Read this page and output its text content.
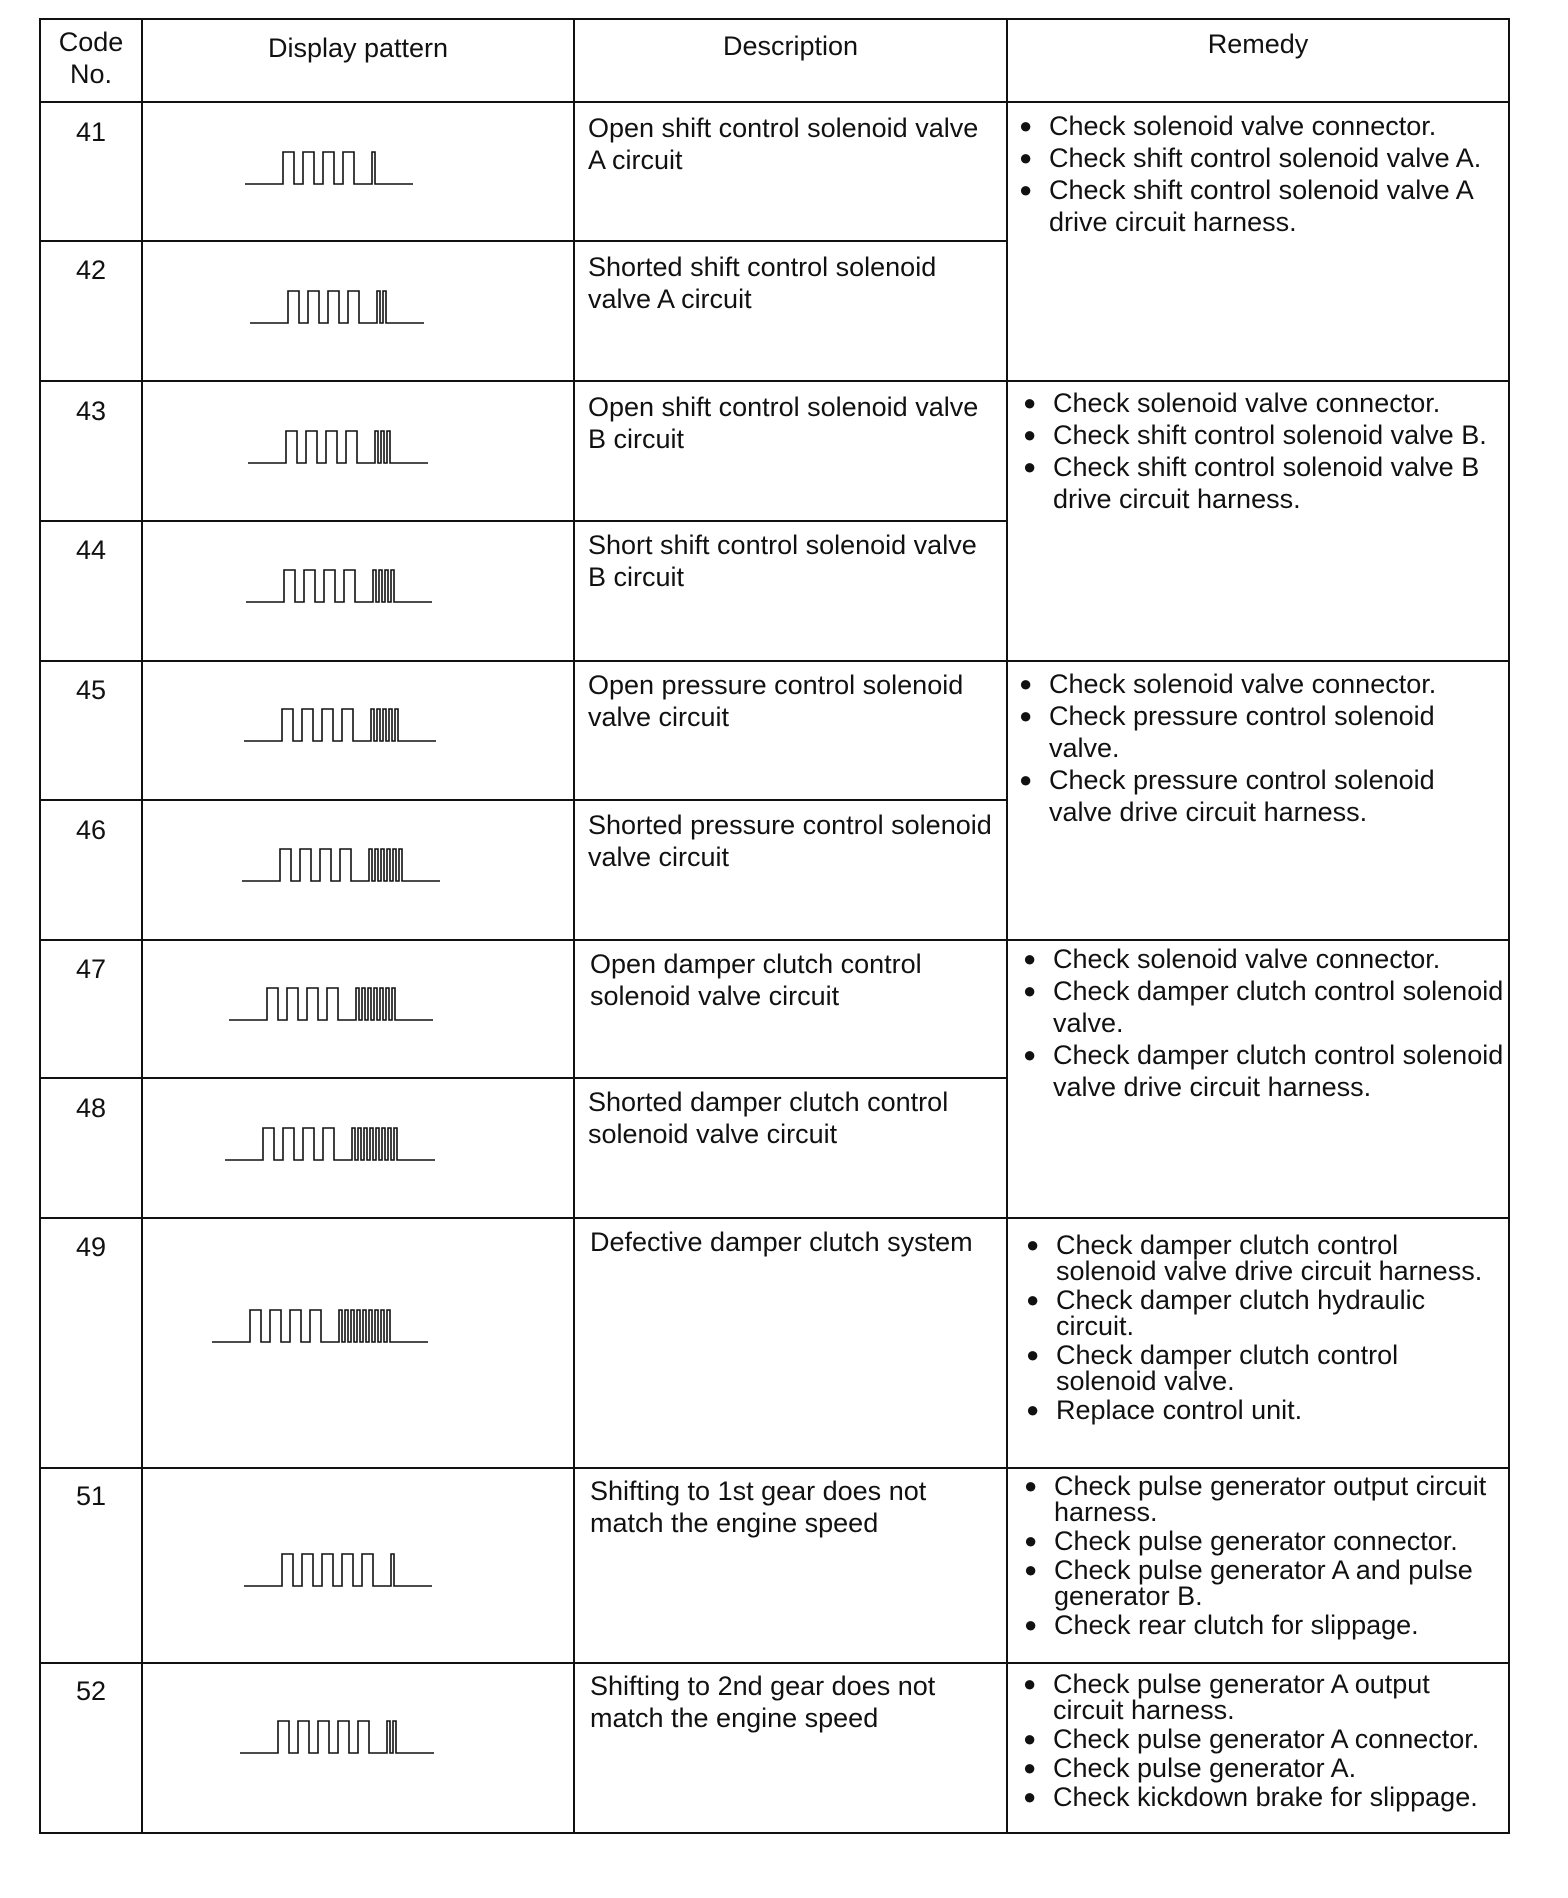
Code
No.
Display pattern	Description	Remedy
41
42
43
44
45
46
47
48
49
51
52
Open shift control solenoid valve A circuit
Shorted shift control solenoid valve A circuit
Open shift control solenoid valve B circuit
Short shift control solenoid valve B circuit
Open pressure control solenoid valve circuit
Shorted pressure control solenoid valve circuit
Open damper clutch control solenoid valve circuit
Shorted damper clutch control solenoid valve circuit
Defective damper clutch system
Shifting to 1st gear does not match the engine speed
Shifting to 2nd gear does not match the engine speed
● Check solenoid valve connector.
● Check shift control solenoid valve A.
● Check shift control solenoid valve A drive circuit harness.
● Check solenoid valve connector.
● Check shift control solenoid valve B.
● Check shift control solenoid valve B drive circuit harness.
● Check solenoid valve connector.
● Check pressure control solenoid valve.
● Check pressure control solenoid valve drive circuit harness.
● Check solenoid valve connector.
● Check damper clutch control solenoid valve.
● Check damper clutch control solenoid valve drive circuit harness.
● Check damper clutch control solenoid valve drive circuit harness.
● Check damper clutch hydraulic circuit.
● Check damper clutch control solenoid valve.
● Replace control unit.
● Check pulse generator output circuit harness.
● Check pulse generator connector.
● Check pulse generator A and pulse generator B.
● Check rear clutch for slippage.
● Check pulse generator A output circuit harness.
● Check pulse generator A connector.
● Check pulse generator A.
● Check kickdown brake for slippage.
